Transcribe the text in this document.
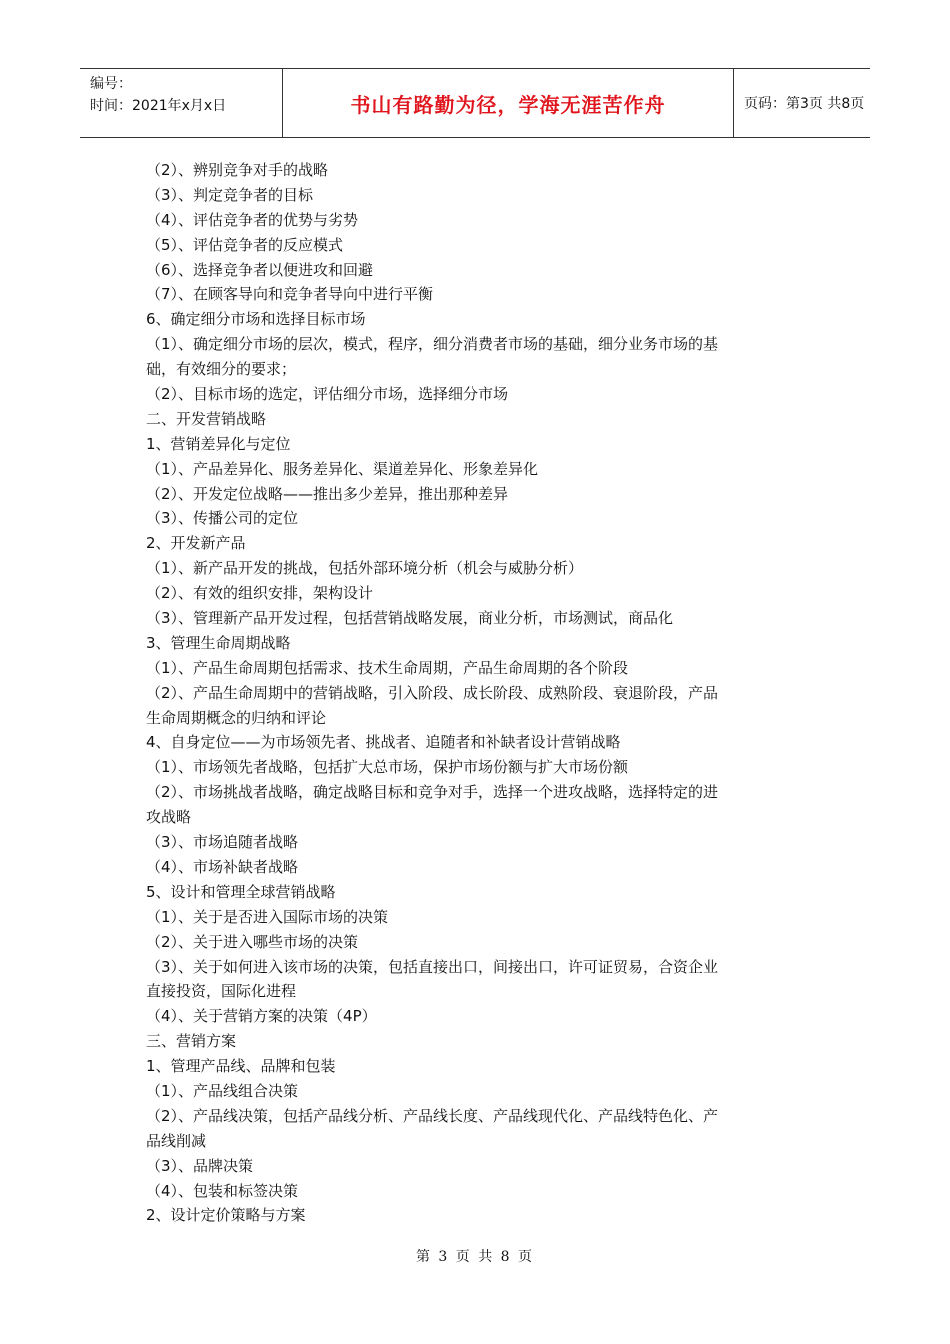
编号：
时间：2021年x月x日	书山有路勤为径，学海无涯苦作舟	页码：第3页 共8页
（2）、辨别竞争对手的战略
（3）、判定竞争者的目标
（4）、评估竞争者的优势与劣势
（5）、评估竞争者的反应模式
（6）、选择竞争者以便进攻和回避
（7）、在顾客导向和竞争者导向中进行平衡
6、确定细分市场和选择目标市场
（1）、确定细分市场的层次，模式，程序，细分消费者市场的基础，细分业务市场的基
础，有效细分的要求；
（2）、目标市场的选定，评估细分市场，选择细分市场
二、开发营销战略
1、营销差异化与定位
（1）、产品差异化、服务差异化、渠道差异化、形象差异化
（2）、开发定位战略——推出多少差异，推出那种差异
（3）、传播公司的定位
2、开发新产品
（1）、新产品开发的挑战，包括外部环境分析（机会与威胁分析）
（2）、有效的组织安排，架构设计
（3）、管理新产品开发过程，包括营销战略发展，商业分析，市场测试，商品化
3、管理生命周期战略
（1）、产品生命周期包括需求、技术生命周期，产品生命周期的各个阶段
（2）、产品生命周期中的营销战略，引入阶段、成长阶段、成熟阶段、衰退阶段，产品
生命周期概念的归纳和评论
4、自身定位——为市场领先者、挑战者、追随者和补缺者设计营销战略
（1）、市场领先者战略，包括扩大总市场，保护市场份额与扩大市场份额
（2）、市场挑战者战略，确定战略目标和竞争对手，选择一个进攻战略，选择特定的进
攻战略
（3）、市场追随者战略
（4）、市场补缺者战略
5、设计和管理全球营销战略
（1）、关于是否进入国际市场的决策
（2）、关于进入哪些市场的决策
（3）、关于如何进入该市场的决策，包括直接出口，间接出口，许可证贸易，合资企业
直接投资，国际化进程
（4）、关于营销方案的决策（4P）
三、营销方案
1、管理产品线、品牌和包装
（1）、产品线组合决策
（2）、产品线决策，包括产品线分析、产品线长度、产品线现代化、产品线特色化、产
品线削减
（3）、品牌决策
（4）、包装和标签决策
2、设计定价策略与方案
第 3 页 共 8 页
